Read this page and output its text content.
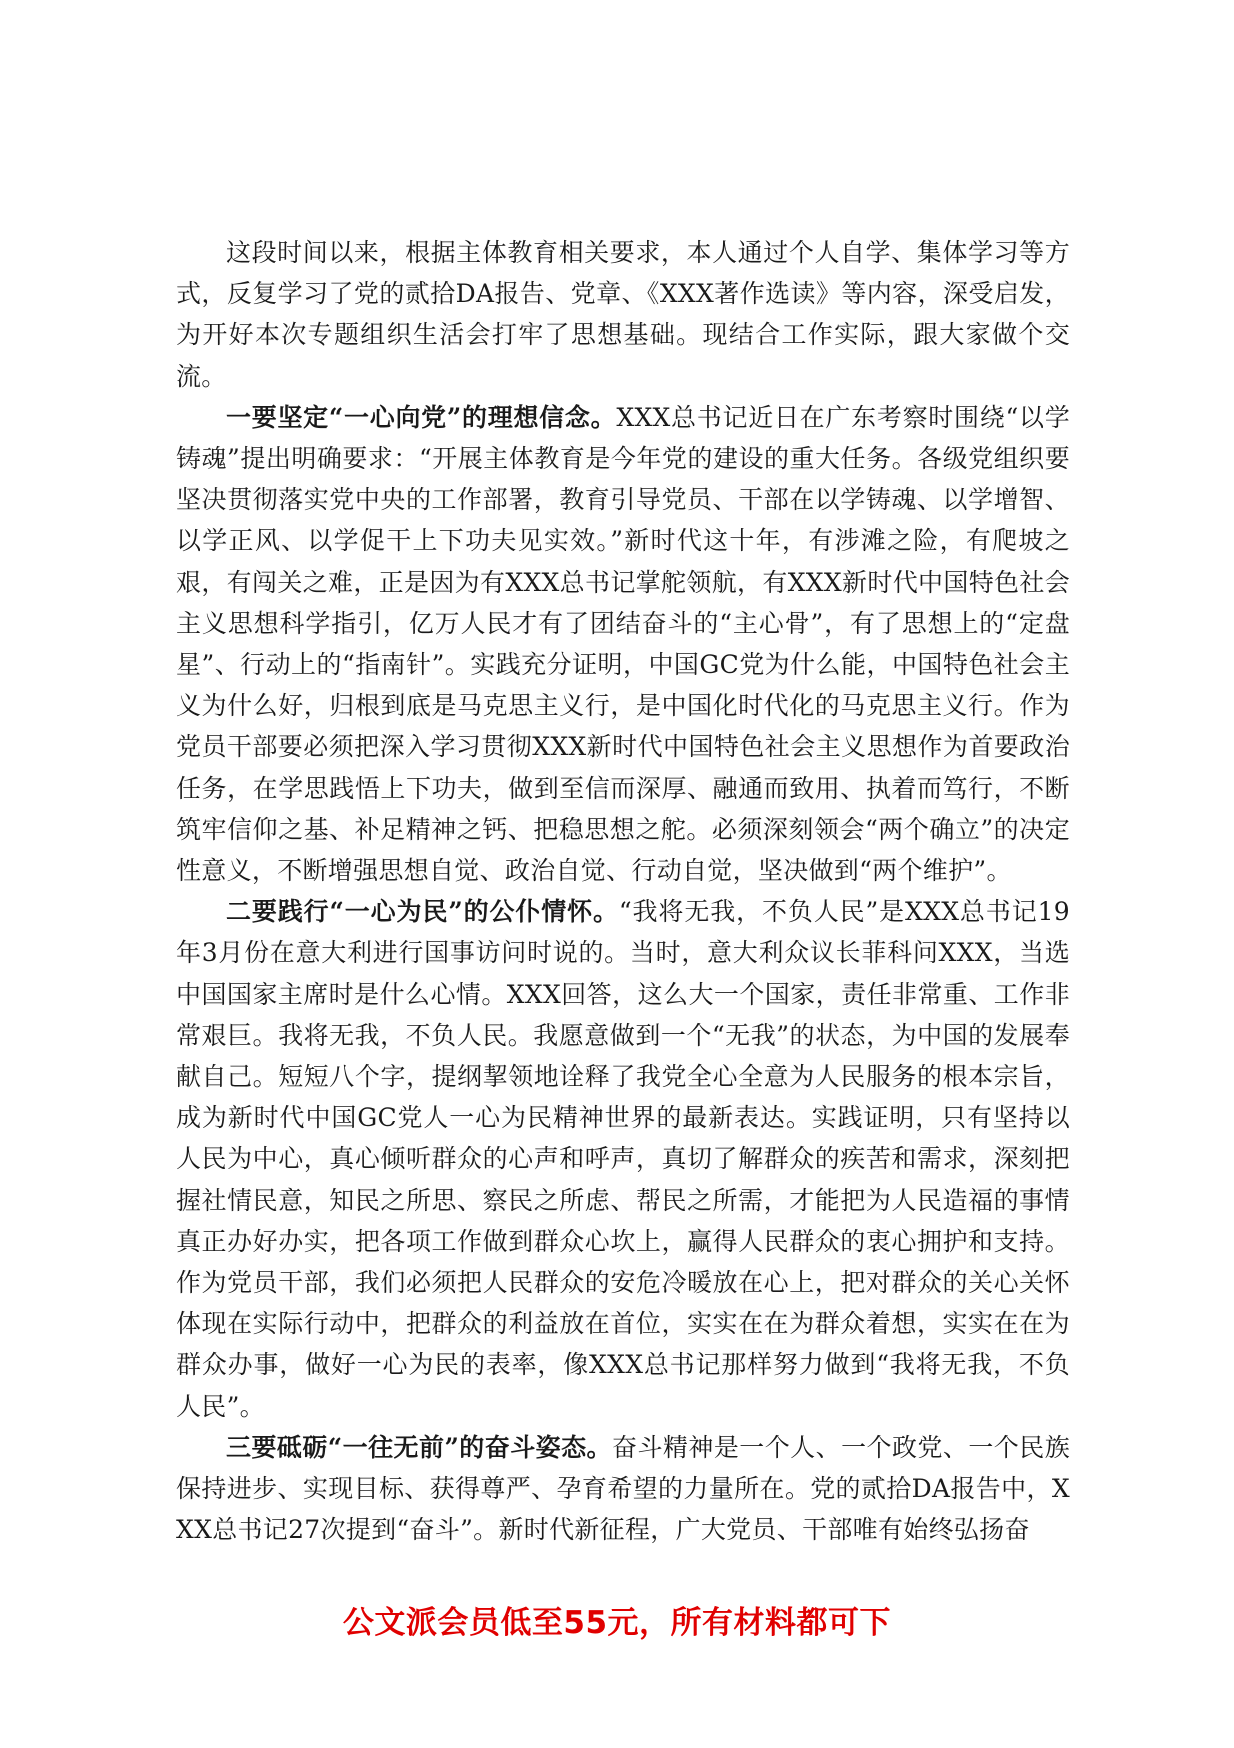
这段时间以来，根据主体教育相关要求，本人通过个人自学、集体学习等方式，反复学习了党的贰拾DA报告、党章、《XXX著作选读》等内容，深受启发，为开好本次专题组织生活会打牢了思想基础。现结合工作实际，跟大家做个交流。

一要坚定“一心向党”的理想信念。XXX总书记近日在广东考察时围绕“以学铸魂”提出明确要求：“开展主体教育是今年党的建设的重大任务。各级党组织要坚决贯彻落实党中央的工作部署，教育引导党员、干部在以学铸魂、以学增智、以学正风、以学促干上下功夫见实效。”新时代这十年，有涉滩之险，有爬坡之艰，有闯关之难，正是因为有XXX总书记掌舵领航，有XXX新时代中国特色社会主义思想科学指引，亿万人民才有了团结奋斗的“主心骨”，有了思想上的“定盘星”、行动上的“指南针”。实践充分证明，中国GC党为什么能，中国特色社会主义为什么好，归根到底是马克思主义行，是中国化时代化的马克思主义行。作为党员干部要必须把深入学习贯彻XXX新时代中国特色社会主义思想作为首要政治任务，在学思践悟上下功夫，做到至信而深厚、融通而致用、执着而笃行，不断筑牢信仰之基、补足精神之钙、把稳思想之舵。必须深刻领会“两个确立”的决定性意义，不断增强思想自觉、政治自觉、行动自觉，坚决做到“两个维护”。

二要践行“一心为民”的公仆情怀。“我将无我，不负人民”是XXX总书记19年3月份在意大利进行国事访问时说的。当时，意大利众议长菲科问XXX，当选中国国家主席时是什么心情。XXX回答，这么大一个国家，责任非常重、工作非常艰巨。我将无我，不负人民。我愿意做到一个“无我”的状态，为中国的发展奉献自己。短短八个字，提纲挈领地诠释了我党全心全意为人民服务的根本宗旨，成为新时代中国GC党人一心为民精神世界的最新表达。实践证明，只有坚持以人民为中心，真心倾听群众的心声和呼声，真切了解群众的疾苦和需求，深刻把握社情民意，知民之所思、察民之所虑、帮民之所需，才能把为人民造福的事情真正办好办实，把各项工作做到群众心坎上，赢得人民群众的衷心拥护和支持。作为党员干部，我们必须把人民群众的安危冷暖放在心上，把对群众的关心关怀体现在实际行动中，把群众的利益放在首位，实实在在为群众着想，实实在在为群众办事，做好一心为民的表率，像XXX总书记那样努力做到“我将无我，不负人民”。

三要砥砺“一往无前”的奋斗姿态。奋斗精神是一个人、一个政党、一个民族保持进步、实现目标、获得尊严、孕育希望的力量所在。党的贰拾DA报告中，XXX总书记27次提到“奋斗”。新时代新征程，广大党员、干部唯有始终弘扬奋

公文派会员低至55元，所有材料都可下
